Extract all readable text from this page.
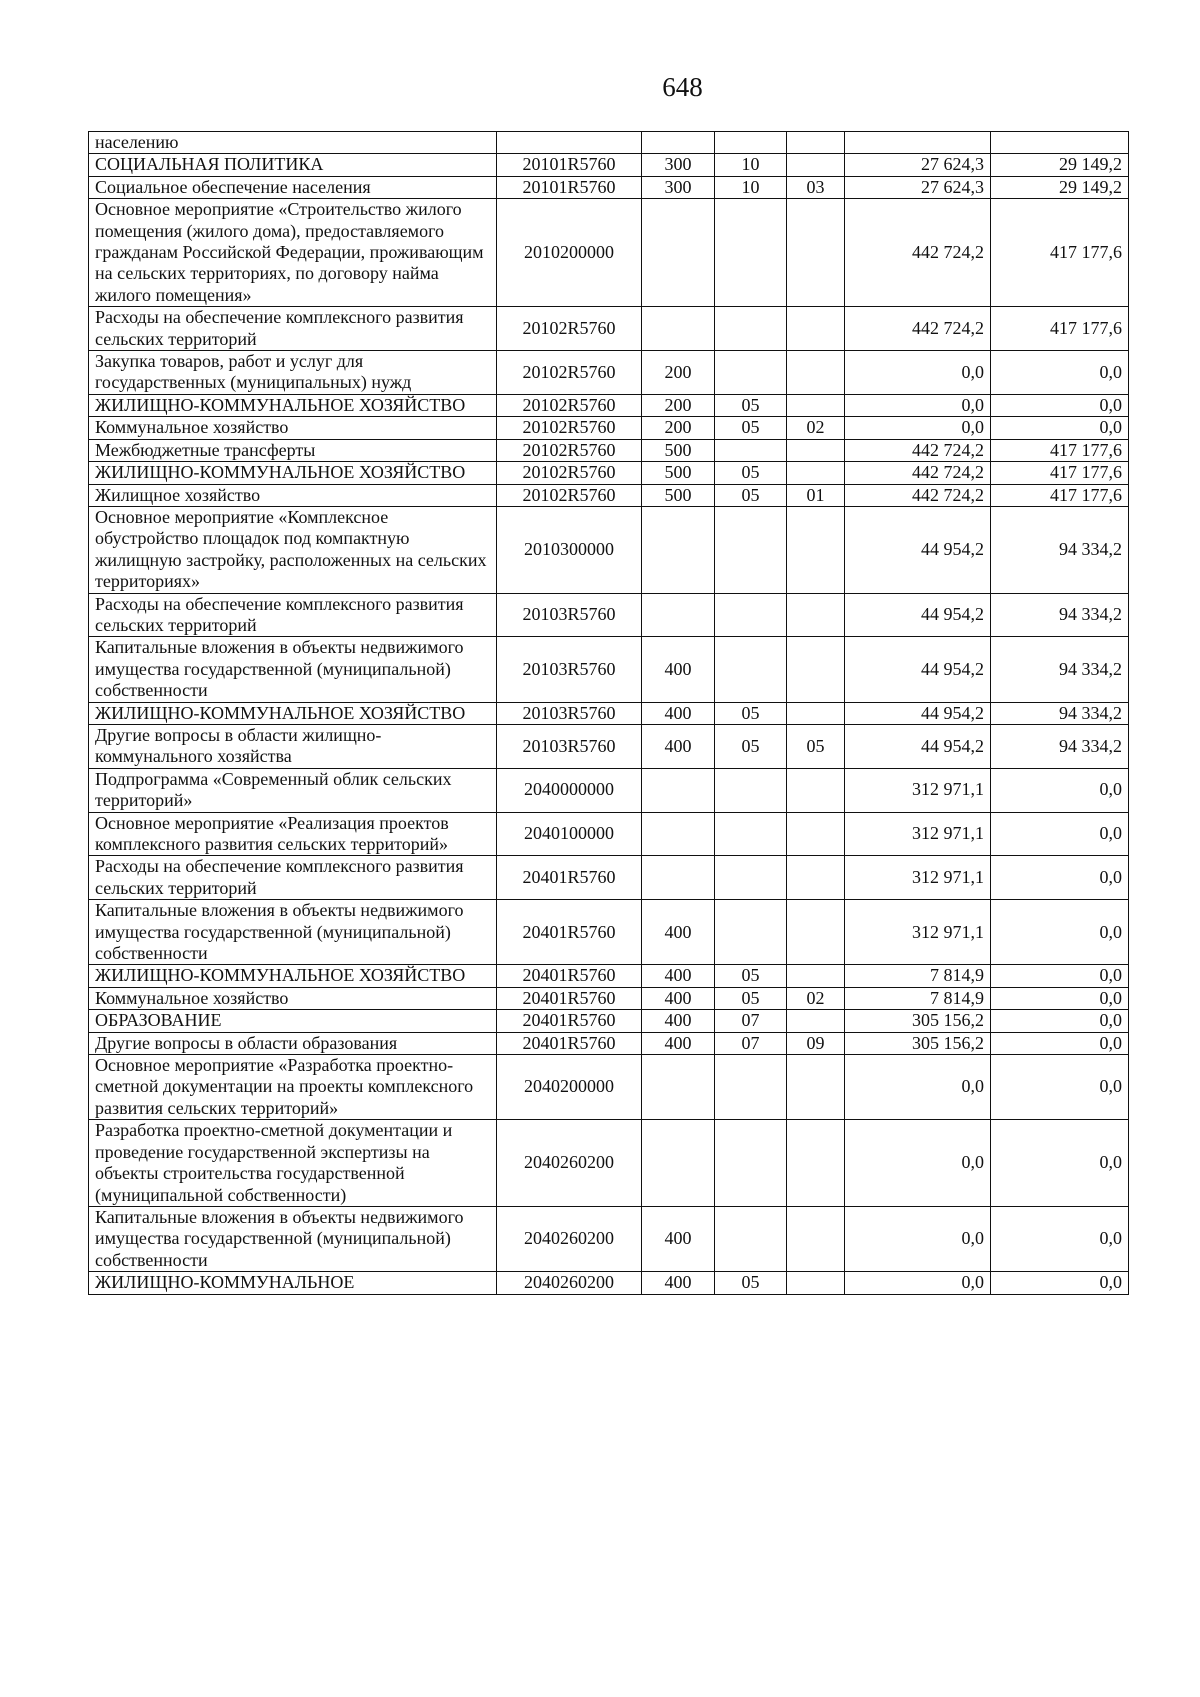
648
населению						
СОЦИАЛЬНАЯ ПОЛИТИКА	20101R5760	300	10		27 624,3	29 149,2
Социальное обеспечение населения	20101R5760	300	10	03	27 624,3	29 149,2
Основное мероприятие «Строительство жилого помещения (жилого дома), предоставляемого гражданам Российской Федерации, проживающим на сельских территориях, по договору найма жилого помещения»	2010200000				442 724,2	417 177,6
Расходы на обеспечение комплексного развития сельских территорий	20102R5760				442 724,2	417 177,6
Закупка товаров, работ и услуг для государственных (муниципальных) нужд	20102R5760	200			0,0	0,0
ЖИЛИЩНО-КОММУНАЛЬНОЕ ХОЗЯЙСТВО	20102R5760	200	05		0,0	0,0
Коммунальное хозяйство	20102R5760	200	05	02	0,0	0,0
Межбюджетные трансферты	20102R5760	500			442 724,2	417 177,6
ЖИЛИЩНО-КОММУНАЛЬНОЕ ХОЗЯЙСТВО	20102R5760	500	05		442 724,2	417 177,6
Жилищное хозяйство	20102R5760	500	05	01	442 724,2	417 177,6
Основное мероприятие «Комплексное обустройство площадок под компактную жилищную застройку, расположенных на сельских территориях»	2010300000				44 954,2	94 334,2
Расходы на обеспечение комплексного развития сельских территорий	20103R5760				44 954,2	94 334,2
Капитальные вложения в объекты недвижимого имущества государственной (муниципальной) собственности	20103R5760	400			44 954,2	94 334,2
ЖИЛИЩНО-КОММУНАЛЬНОЕ ХОЗЯЙСТВО	20103R5760	400	05		44 954,2	94 334,2
Другие вопросы в области жилищно-коммунального хозяйства	20103R5760	400	05	05	44 954,2	94 334,2
Подпрограмма «Современный облик сельских территорий»	2040000000				312 971,1	0,0
Основное мероприятие «Реализация проектов комплексного развития сельских территорий»	2040100000				312 971,1	0,0
Расходы на обеспечение комплексного развития сельских территорий	20401R5760				312 971,1	0,0
Капитальные вложения в объекты недвижимого имущества государственной (муниципальной) собственности	20401R5760	400			312 971,1	0,0
ЖИЛИЩНО-КОММУНАЛЬНОЕ ХОЗЯЙСТВО	20401R5760	400	05		7 814,9	0,0
Коммунальное хозяйство	20401R5760	400	05	02	7 814,9	0,0
ОБРАЗОВАНИЕ	20401R5760	400	07		305 156,2	0,0
Другие вопросы в области образования	20401R5760	400	07	09	305 156,2	0,0
Основное мероприятие «Разработка проектно- сметной документации на проекты комплексного развития сельских территорий»	2040200000				0,0	0,0
Разработка проектно-сметной документации и проведение государственной экспертизы на объекты строительства государственной (муниципальной собственности)	2040260200				0,0	0,0
Капитальные вложения в объекты недвижимого имущества государственной (муниципальной) собственности	2040260200	400			0,0	0,0
ЖИЛИЩНО-КОММУНАЛЬНОЕ	2040260200	400	05		0,0	0,0
